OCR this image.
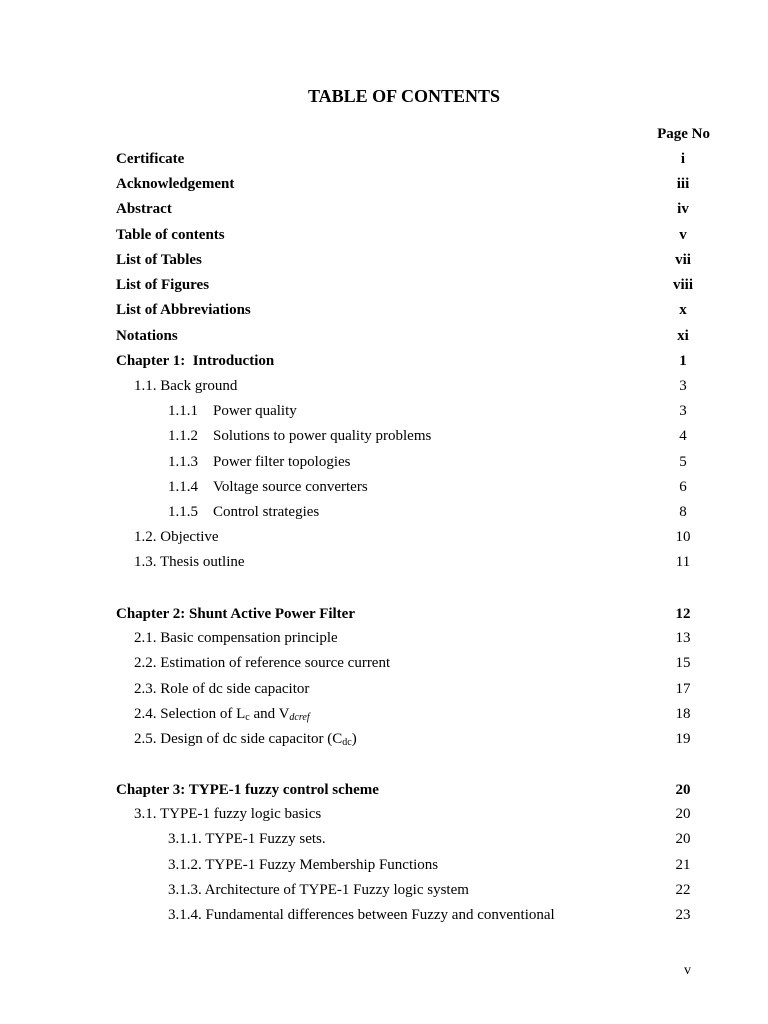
TABLE OF CONTENTS
Page No
Certificate	i
Acknowledgement	iii
Abstract	iv
Table of contents	v
List of Tables	vii
List of Figures	viii
List of Abbreviations	x
Notations	xi
Chapter 1:  Introduction	1
1.1. Back ground	3
1.1.1 Power quality	3
1.1.2 Solutions to power quality problems	4
1.1.3 Power filter topologies	5
1.1.4 Voltage source converters	6
1.1.5 Control strategies	8
1.2. Objective	10
1.3. Thesis outline	11
Chapter 2: Shunt Active Power Filter	12
2.1. Basic compensation principle	13
2.2. Estimation of reference source current	15
2.3. Role of dc side capacitor	17
2.4. Selection of $L_c$ and $V_{dcref}$	18
2.5. Design of dc side capacitor $(C_{dc})$	19
Chapter 3: TYPE-1 fuzzy control scheme	20
3.1. TYPE-1 fuzzy logic basics	20
3.1.1. TYPE-1 Fuzzy sets.	20
3.1.2. TYPE-1 Fuzzy Membership Functions	21
3.1.3. Architecture of TYPE-1 Fuzzy logic system	22
3.1.4. Fundamental differences between Fuzzy and conventional	23
v
